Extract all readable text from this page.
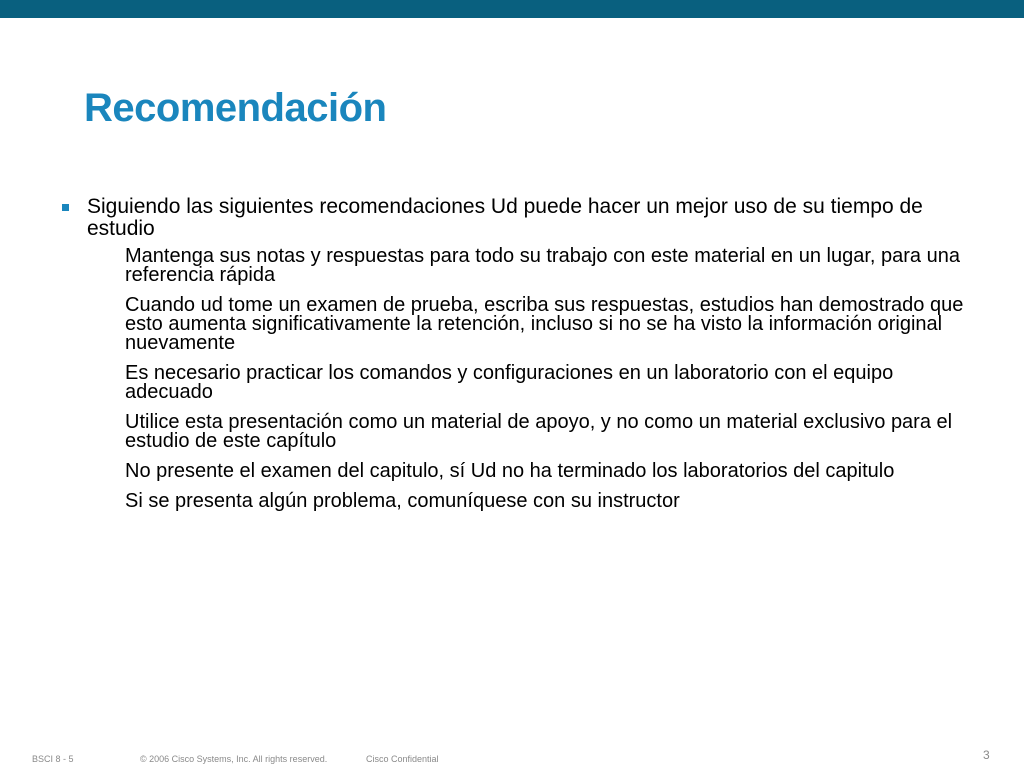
Recomendación
Siguiendo las siguientes recomendaciones Ud puede hacer un mejor uso de su tiempo de estudio
Mantenga sus notas y respuestas para todo su trabajo con este material en un lugar, para una referencia rápida
Cuando ud tome un examen de prueba, escriba sus respuestas, estudios han demostrado que esto aumenta significativamente la retención, incluso si no se ha visto la información original nuevamente
Es necesario practicar los comandos y configuraciones en un laboratorio con el equipo adecuado
Utilice esta presentación como un material de apoyo, y no como un material exclusivo para el estudio de este capítulo
No presente el examen del capitulo, sí Ud no ha terminado los laboratorios del capitulo
Si se presenta algún problema, comuníquese con su instructor
BSCI 8 - 5	© 2006 Cisco Systems, Inc. All rights reserved.	Cisco Confidential	3
